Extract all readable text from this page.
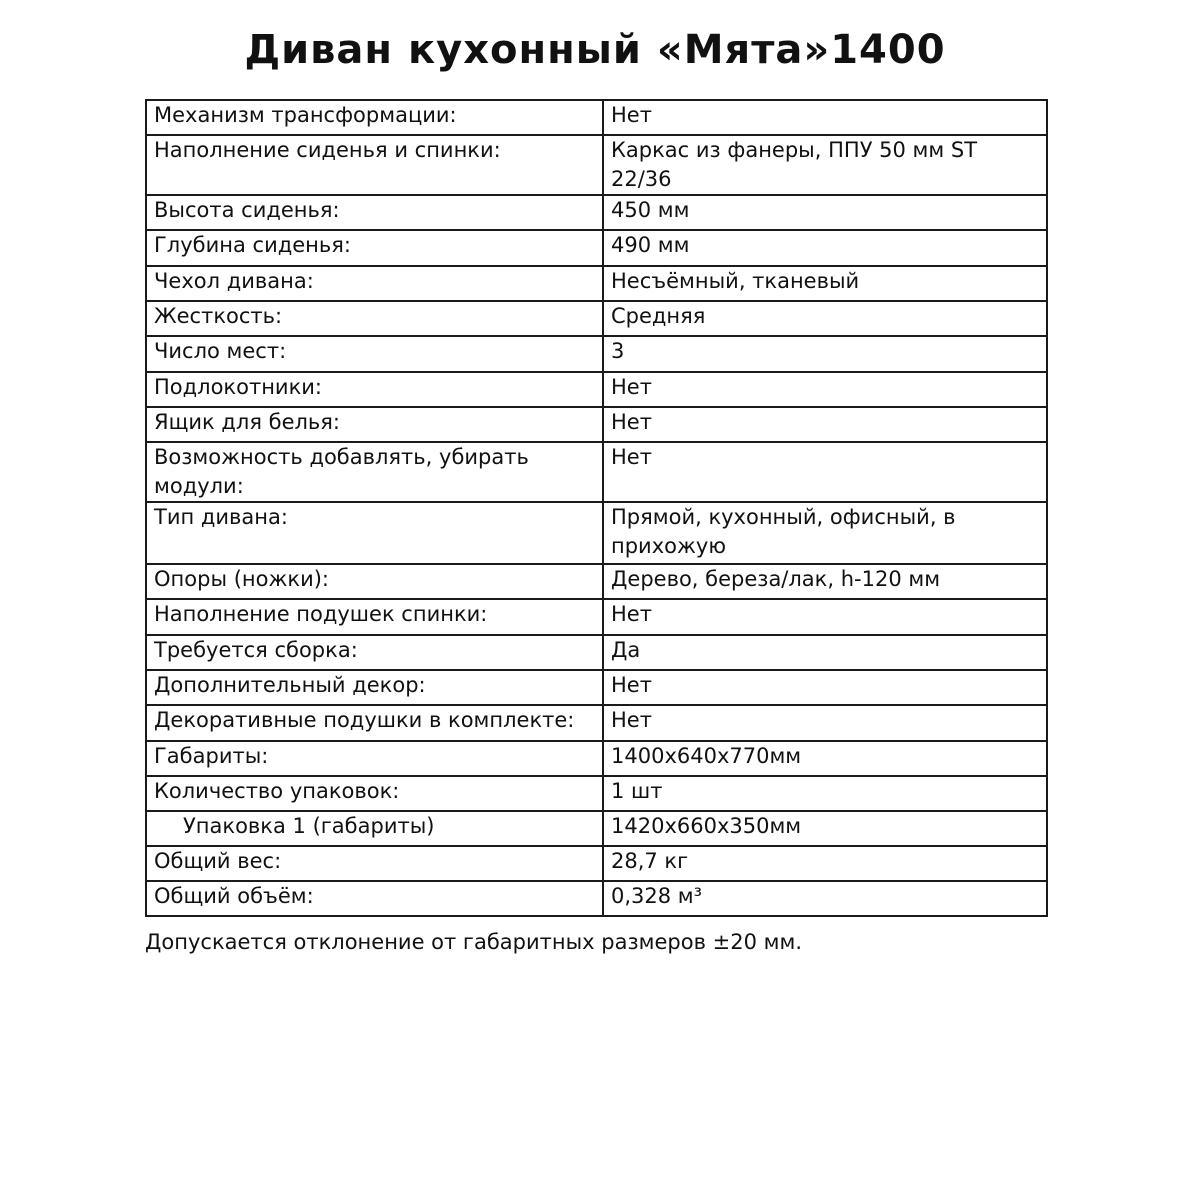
Диван кухонный «Мята»1400
Механизм трансформации:	Нет
Наполнение сиденья и спинки:	Каркас из фанеры, ППУ 50 мм ST 22/36
Высота сиденья:	450 мм
Глубина сиденья:	490 мм
Чехол дивана:	Несъёмный, тканевый
Жесткость:	Средняя
Число мест:	3
Подлокотники:	Нет
Ящик для белья:	Нет
Возможность добавлять, убирать модули:	Нет
Тип дивана:	Прямой, кухонный, офисный, в прихожую
Опоры (ножки):	Дерево, береза/лак, h-120 мм
Наполнение подушек спинки:	Нет
Требуется сборка:	Да
Дополнительный декор:	Нет
Декоративные подушки в комплекте:	Нет
Габариты:	1400х640х770мм
Количество упаковок:	1 шт
Упаковка 1 (габариты)	1420х660х350мм
Общий вес:	28,7 кг
Общий объём:	0,328 м³
Допускается отклонение от габаритных размеров ±20 мм.
